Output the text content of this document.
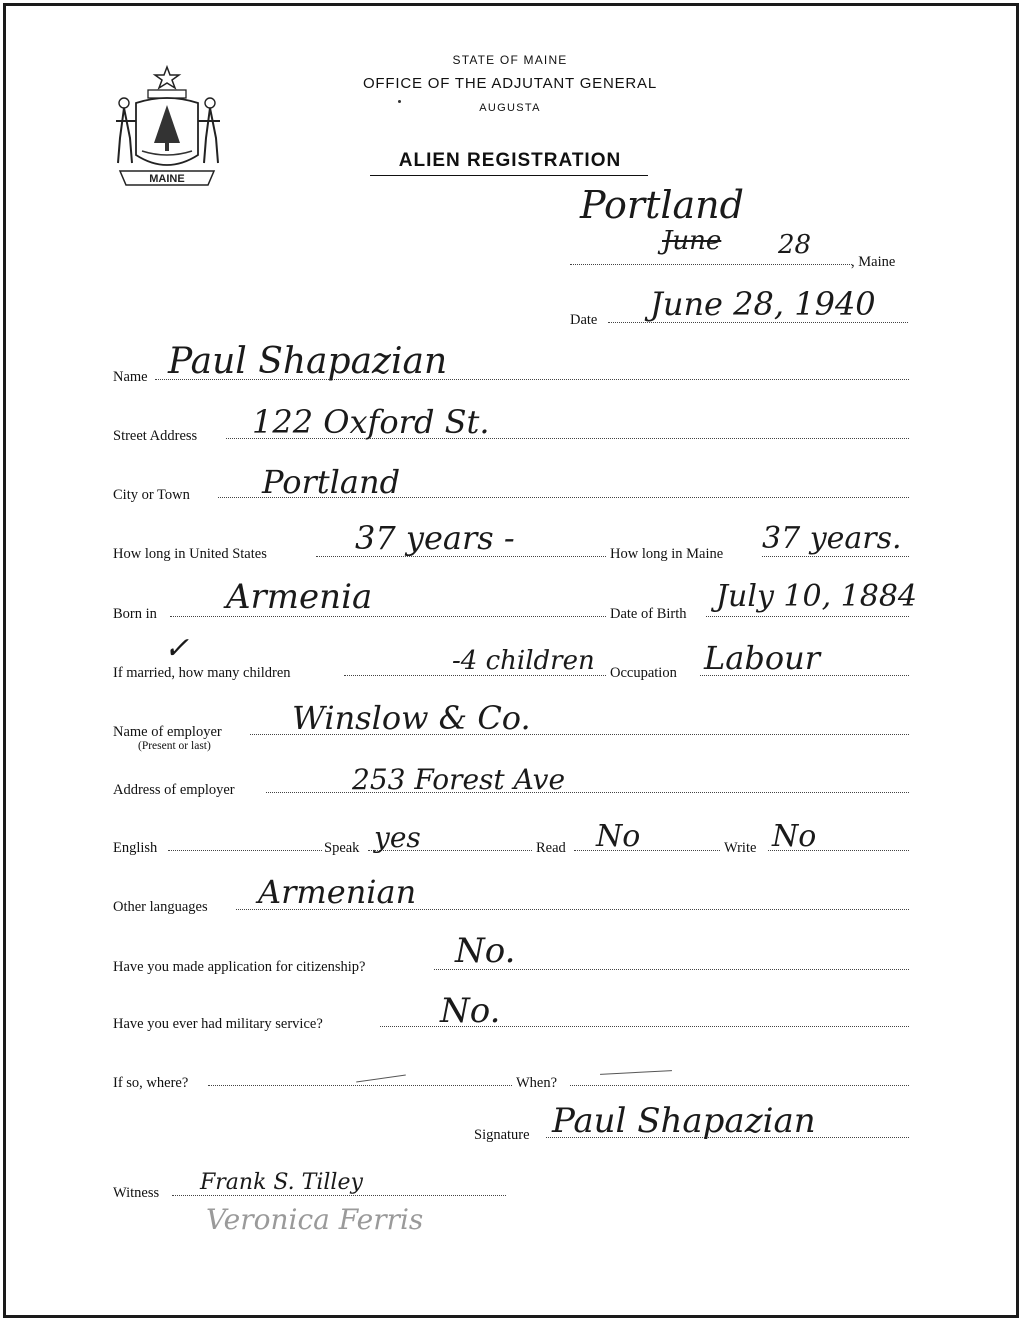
MAINE
STATE OF MAINE
OFFICE OF THE ADJUTANT GENERAL
AUGUSTA
ALIEN REGISTRATION
Portland
June 28
, Maine
Date June 28, 1940
Name Paul Shapazian
Street Address 122 Oxford St.
City or Town Portland
How long in United States	37 years -	How long in Maine 37 years.
Born in Armenia	Date of Birth July 10, 1884
✓
If married, how many children	-4 children Occupation Labour
Name of employer
(Present or last)
Winslow & Co.
Address of employer	253 Forest Ave
English	Speak yes	Read No	Write No
Other languages Armenian
Have you made application for citizenship?	No.
Have you ever had military service?	No.
If so, where?	When?
Signature Paul Shapazian
Witness Frank S. Tilley
Veronica Ferris
